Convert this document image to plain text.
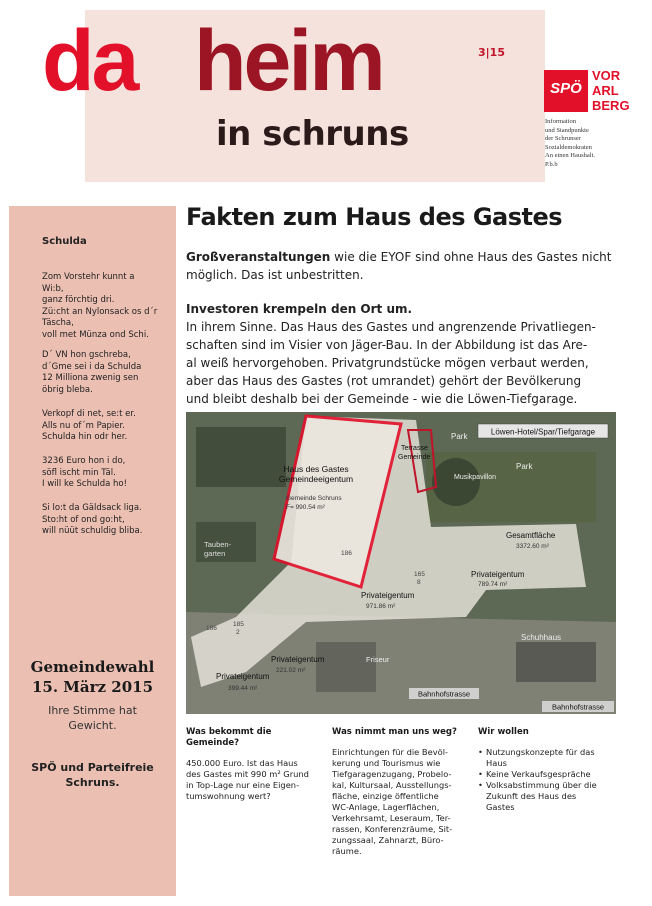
da heim
in schruns
3|15
SPÖ
VOR
ARL
BERG
Information
und Standpunkte
der Schrunser
Sozialdemokraten
An einen Haushalt.
P.b.b
Schulda
Zom Vorstehr kunnt a
Wi:b,
ganz förchtig dri.
Zü:cht an Nylonsack os d´r
Täscha,
voll met Münza ond Schi.
D´ VN hon gschreba,
d´Gme sei i da Schulda
12 Milliona zwenig sen
öbrig bleba.
Verkopf di net, se:t er.
Alls nu of´m Papier.
Schulda hin odr her.
3236 Euro hon i do,
söfl ischt min Täl.
I will ke Schulda ho!
Si lo:t da Gäldsack liga.
Sto:ht of ond go:ht,
will nüüt schuldig bliba.
Gemeindewahl
15. März 2015
Ihre Stimme hat
Gewicht.
SPÖ und Parteifreie
Schruns.
Fakten zum Haus des Gastes
Großveranstaltungen wie die EYOF sind ohne Haus des Gastes nicht
möglich. Das ist unbestritten.
Investoren krempeln den Ort um.
In ihrem Sinne. Das Haus des Gastes und angrenzende Privatliegen-
schaften sind im Visier von Jäger-Bau. In der Abbildung ist das Are-
al weiß hervorgehoben. Privatgrundstücke mögen verbaut werden,
aber das Haus des Gastes (rot umrandet) gehört der Bevölkerung
und bleibt deshalb bei der Gemeinde - wie die Löwen-Tiefgarage.
Löwen-Hotel/Spar/Tiefgarage
Haus des Gastes
Gemeindeeigentum
Gemeinde Schruns
F= 990.54 m²
Terrasse
Gemeinde
Park
Park
Musikpavillon
Gesamtfläche
3372.60 m²
Tauben-
garten	186
165
8
185
2
186
Privateigentum
789.74 m²
Privateigentum
971.86 m²
Privateigentum
221.02 m²
Privateigentum
399.44 m²
Schuhhaus
Friseur
Bahnhofstrasse
Bahnhofstrasse
Was bekommt die
Gemeinde?
450.000 Euro. Ist das Haus
des Gastes mit 990 m² Grund
in Top-Lage nur eine Eigen-
tumswohnung wert?
Was nimmt man uns weg?
Einrichtungen für die Bevöl-
kerung und Tourismus wie
Tiefgaragenzugang, Probelo-
kal, Kultursaal, Ausstellungs-
fläche, einzige öffentliche
WC-Anlage, Lagerflächen,
Verkehrsamt, Leseraum, Ter-
rassen, Konferenzräume, Sit-
zungssaal, Zahnarzt, Büro-
räume.
Wir wollen
• Nutzungskonzepte für das
Haus
• Keine Verkaufsgespräche
• Volksabstimmung über die
Zukunft des Haus des
Gastes
